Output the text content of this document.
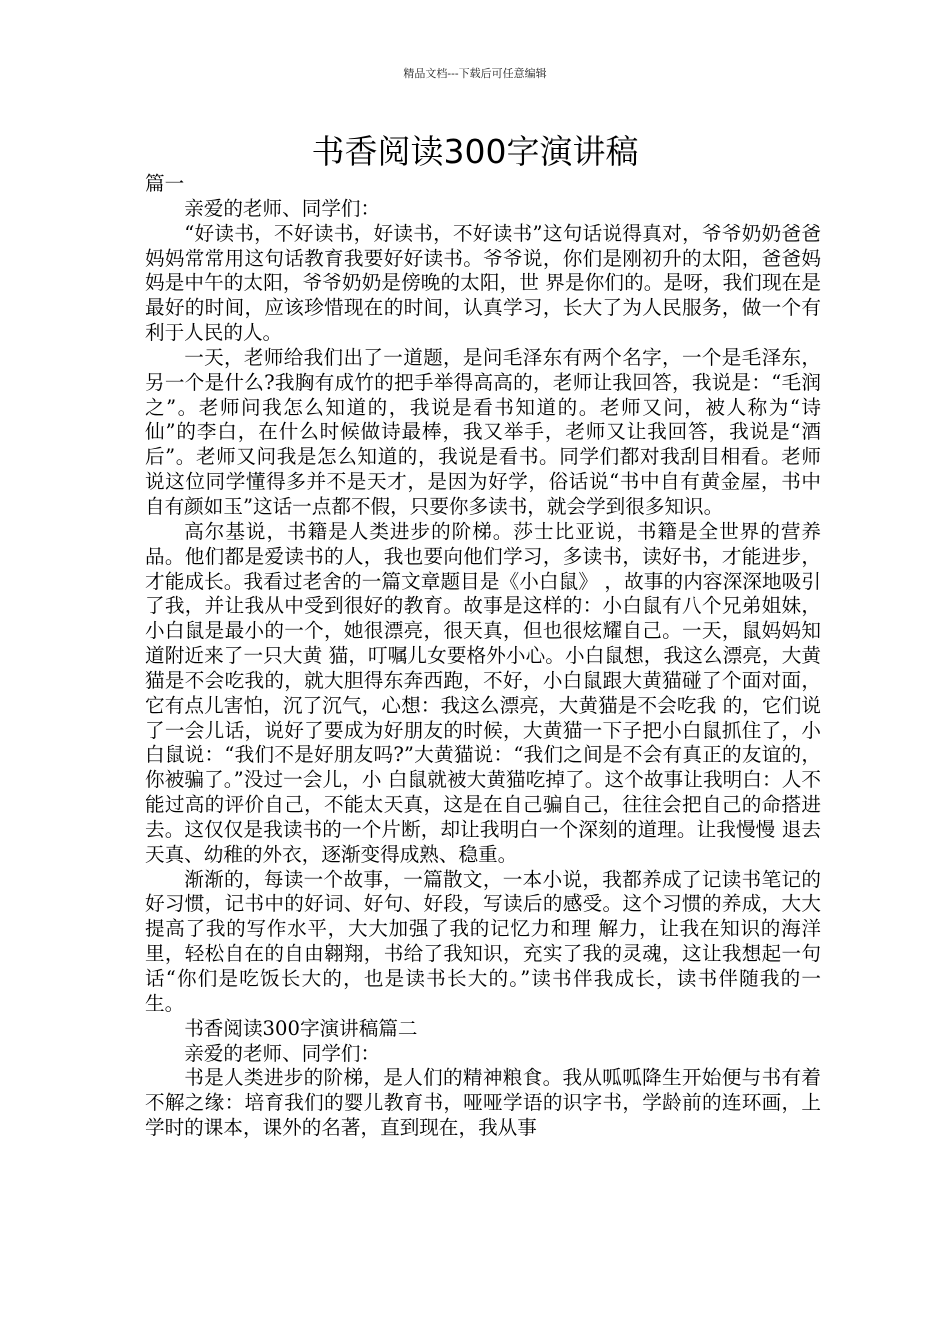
精品文档---下载后可任意编辑
书香阅读300字演讲稿

篇一

亲爱的老师、同学们：

“好读书，不好读书，好读书，不好读书”这句话说得真对，爷爷奶奶爸爸妈妈常常用这句话教育我要好好读书。爷爷说，你们是刚初升的太阳，爸爸妈妈是中午的太阳，爷爷奶奶是傍晚的太阳，世 界是你们的。是呀，我们现在是最好的时间，应该珍惜现在的时间，认真学习，长大了为人民服务，做一个有利于人民的人。

一天，老师给我们出了一道题，是问毛泽东有两个名字，一个是毛泽东，另一个是什么?我胸有成竹的把手举得高高的，老师让我回答，我说是：“毛润之”。老师问我怎么知道的，我说是看书知道的。老师又问，被人称为“诗仙”的李白，在什么时候做诗最棒，我又举手，老师又让我回答，我说是“酒后”。老师又问我是怎么知道的，我说是看书。同学们都对我刮目相看。老师说这位同学懂得多并不是天才，是因为好学，俗话说“书中自有黄金屋，书中自有颜如玉”这话一点都不假，只要你多读书，就会学到很多知识。

高尔基说，书籍是人类进步的阶梯。莎士比亚说，书籍是全世界的营养品。他们都是爱读书的人，我也要向他们学习，多读书，读好书，才能进步，才能成长。我看过老舍的一篇文章题目是《小白鼠》 ，故事的内容深深地吸引了我，并让我从中受到很好的教育。故事是这样的：小白鼠有八个兄弟姐妹，小白鼠是最小的一个，她很漂亮，很天真，但也很炫耀自己。一天，鼠妈妈知道附近来了一只大黄 猫，叮嘱儿女要格外小心。小白鼠想，我这么漂亮，大黄猫是不会吃我的，就大胆得东奔西跑，不好，小白鼠跟大黄猫碰了个面对面，它有点儿害怕，沉了沉气，心想：我这么漂亮，大黄猫是不会吃我 的，它们说了一会儿话，说好了要成为好朋友的时候，大黄猫一下子把小白鼠抓住了，小白鼠说：“我们不是好朋友吗?”大黄猫说：“我们之间是不会有真正的友谊的，你被骗了。”没过一会儿，小 白鼠就被大黄猫吃掉了。这个故事让我明白：人不能过高的评价自己，不能太天真，这是在自己骗自己，往往会把自己的命搭进去。这仅仅是我读书的一个片断，却让我明白一个深刻的道理。让我慢慢 退去天真、幼稚的外衣，逐渐变得成熟、稳重。

渐渐的，每读一个故事，一篇散文，一本小说，我都养成了记读书笔记的好习惯，记书中的好词、好句、好段，写读后的感受。这个习惯的养成，大大提高了我的写作水平，大大加强了我的记忆力和理 解力，让我在知识的海洋里，轻松自在的自由翱翔，书给了我知识，充实了我的灵魂，这让我想起一句话“你们是吃饭长大的，也是读书长大的。”读书伴我成长，读书伴随我的一生。

书香阅读300字演讲稿篇二

亲爱的老师、同学们：

书是人类进步的阶梯，是人们的精神粮食。我从呱呱降生开始便与书有着不解之缘：培育我们的婴儿教育书，哑哑学语的识字书，学龄前的连环画，上学时的课本，课外的名著，直到现在，我从事
